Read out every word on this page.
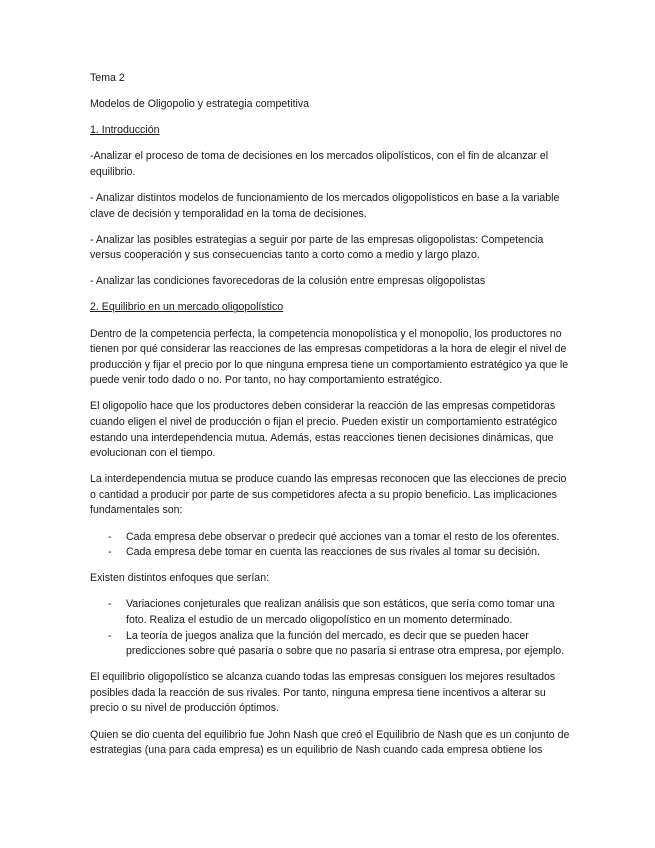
Tema 2

Modelos de Oligopolio y estrategia competitiva

1. Introducción

-Analizar el proceso de toma de decisiones en los mercados olipolísticos, con el fin de alcanzar el equilibrio.

- Analizar distintos modelos de funcionamiento de los mercados oligopolísticos en base a la variable clave de decisión y temporalidad en la toma de decisiones.

- Analizar las posibles estrategias a seguir por parte de las empresas oligopolistas: Competencia versus cooperación y sus consecuencias tanto a corto como a medio y largo plazo.

- Analizar las condiciones favorecedoras de la colusión entre empresas oligopolistas

2. Equilibrio en un mercado oligopolístico

Dentro de la competencia perfecta, la competencia monopolística y el monopolio, los productores no tienen por qué considerar las reacciones de las empresas competidoras a la hora de elegir el nivel de producción y fijar el precio por lo que ninguna empresa tiene un comportamiento estratégico ya que le puede venir todo dado o no. Por tanto, no hay comportamiento estratégico.

El oligopolio hace que los productores deben considerar la reacción de las empresas competidoras cuando eligen el nivel de producción o fijan el precio. Pueden existir un comportamiento estratégico estando una interdependencia mutua. Además, estas reacciones tienen decisiones dinámicas, que evolucionan con el tiempo.

La interdependencia mutua se produce cuando las empresas reconocen que las elecciones de precio o cantidad a producir por parte de sus competidores afecta a su propio beneficio. Las implicaciones fundamentales son:

- Cada empresa debe observar o predecir qué acciones van a tomar el resto de los oferentes.
- Cada empresa debe tomar en cuenta las reacciones de sus rivales al tomar su decisión.

Existen distintos enfoques que serían:

- Variaciones conjeturales que realizan análisis que son estáticos, que sería como tomar una foto. Realiza el estudio de un mercado oligopolístico en un momento determinado.
- La teoría de juegos analiza que la función del mercado, es decir que se pueden hacer predicciones sobre qué pasaría o sobre que no pasaría si entrase otra empresa, por ejemplo.

El equilibrio oligopolístico se alcanza cuando todas las empresas consiguen los mejores resultados posibles dada la reacción de sus rivales. Por tanto, ninguna empresa tiene incentivos a alterar su precio o su nivel de producción óptimos.

Quien se dio cuenta del equilibrio fue John Nash que creó el Equilibrio de Nash que es un conjunto de estrategias (una para cada empresa) es un equilibrio de Nash cuando cada empresa obtiene los
